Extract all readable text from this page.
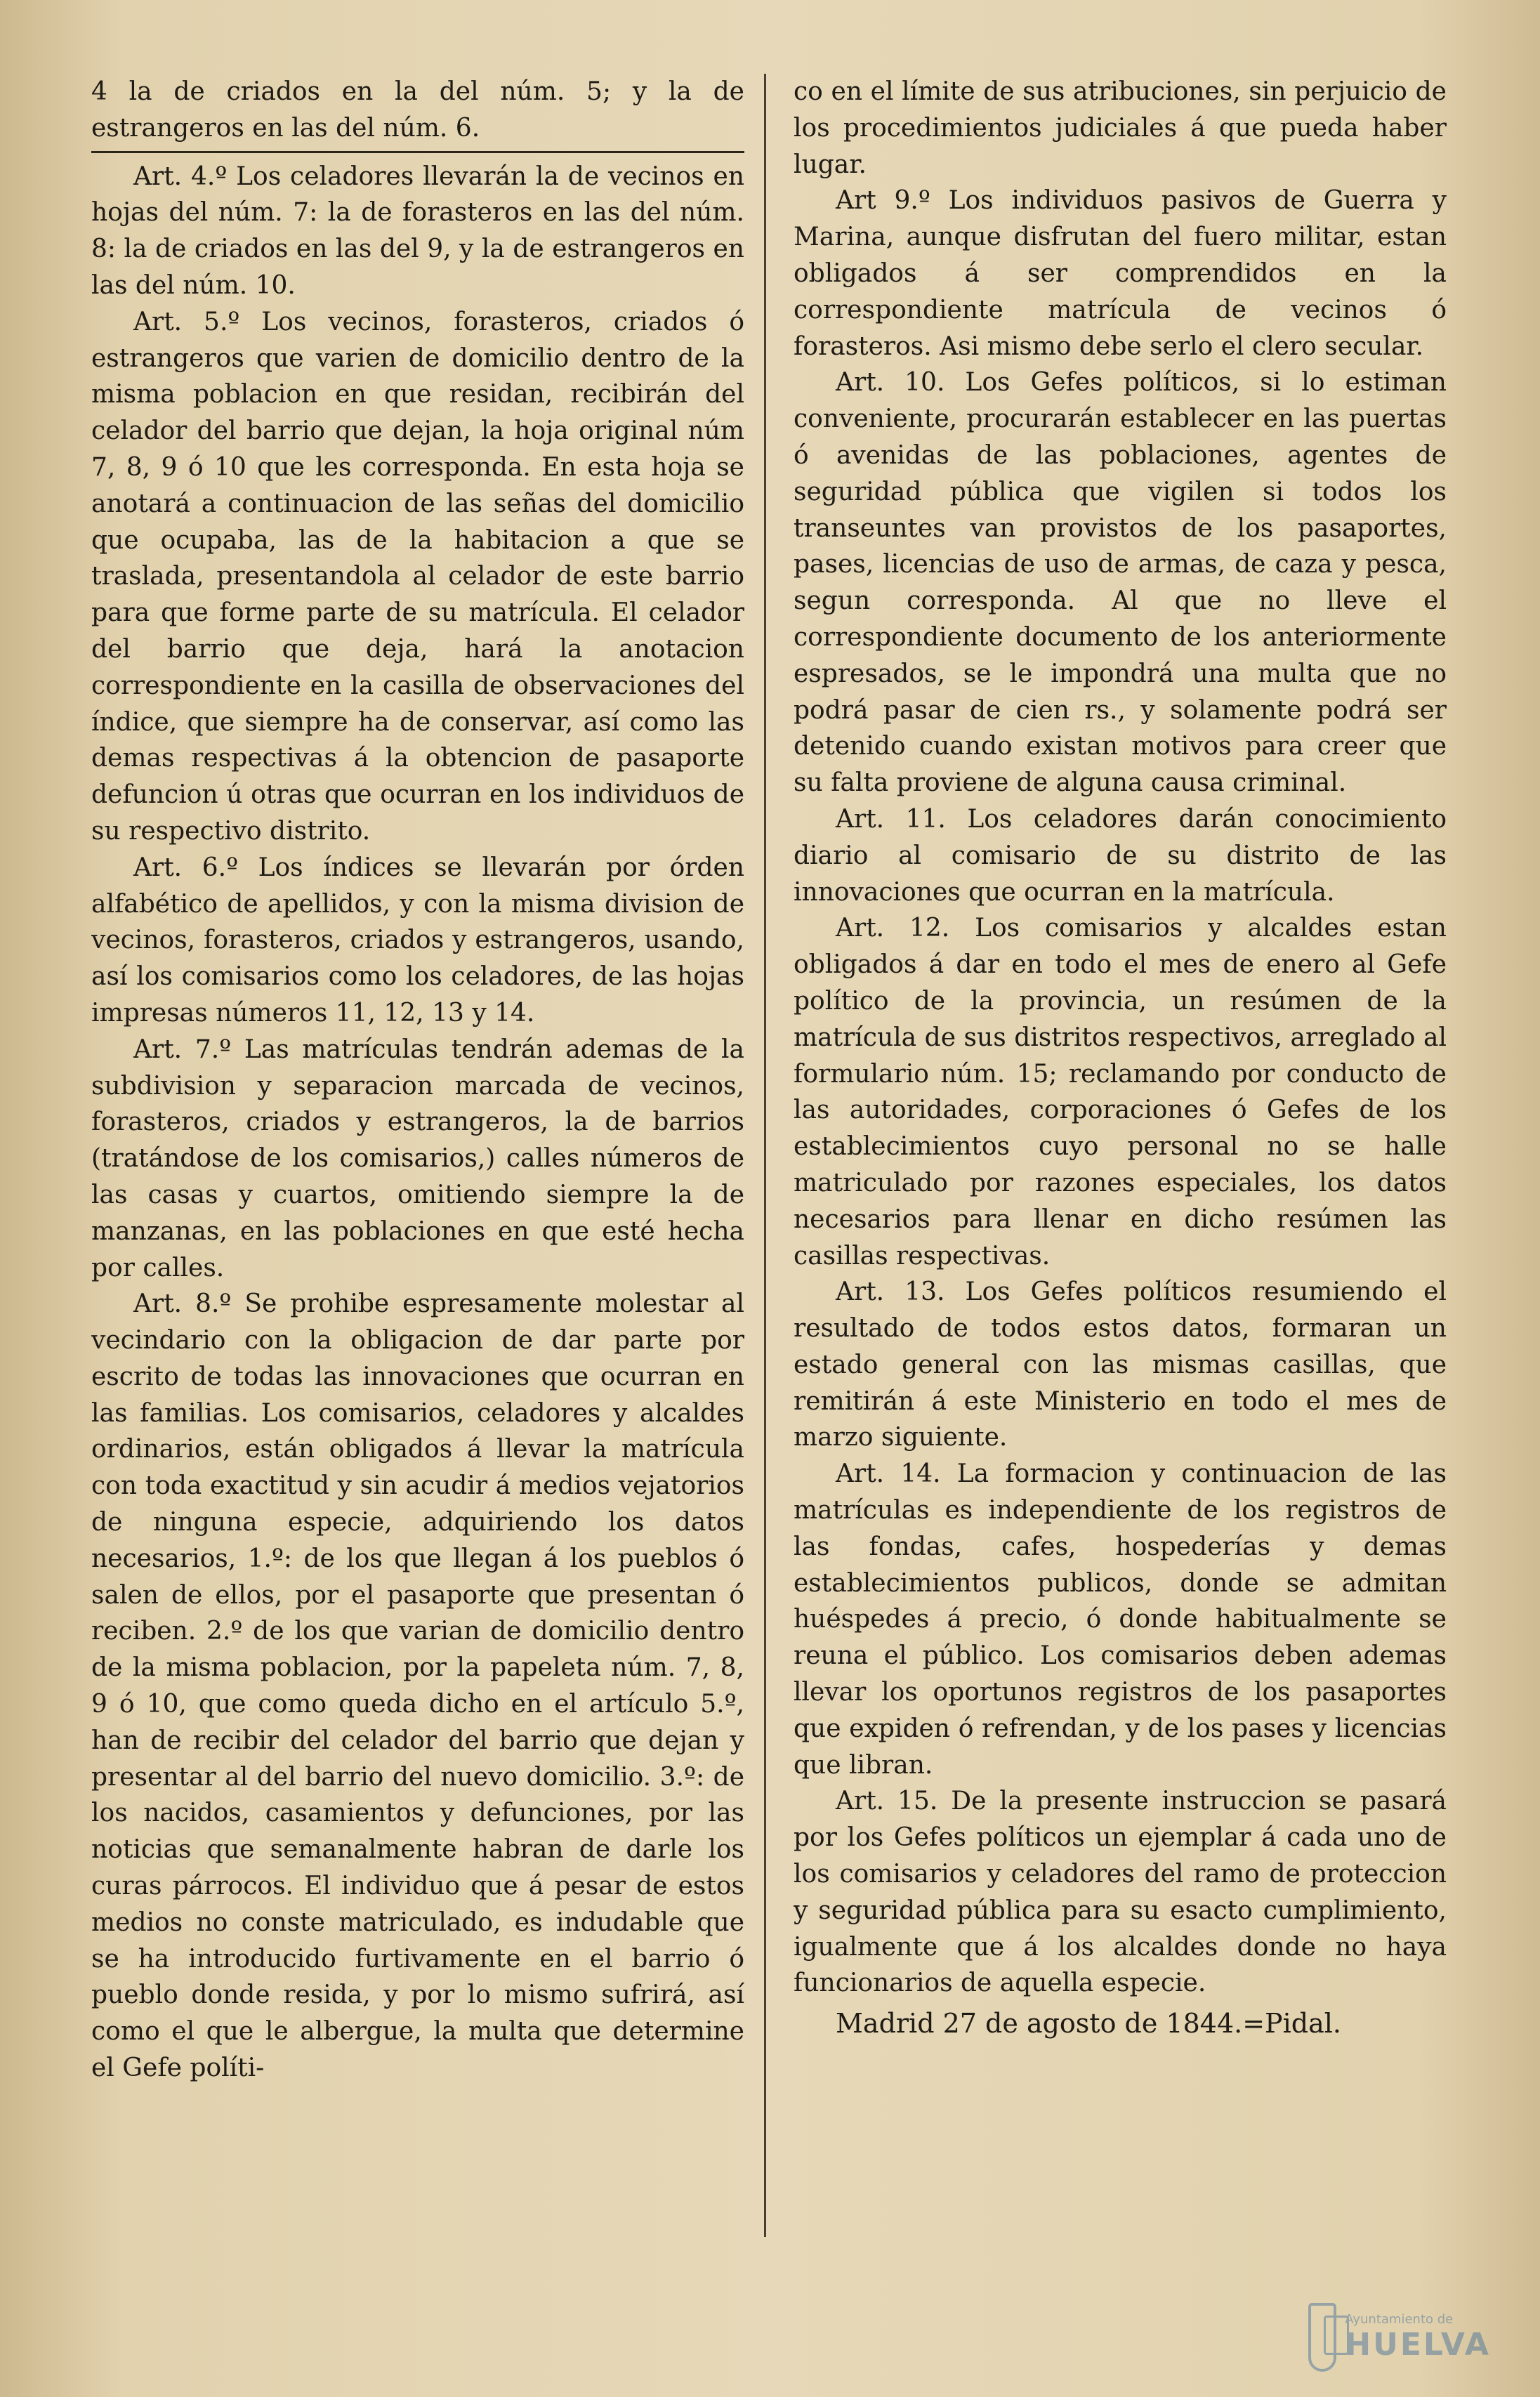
4 la de criados en la del núm. 5; y la de estrangeros en las del núm. 6.

Art. 4.º Los celadores llevarán la de vecinos en hojas del núm. 7: la de forasteros en las del núm. 8: la de criados en las del 9, y la de estrangeros en las del núm. 10.

Art. 5.º Los vecinos, forasteros, criados ó estrangeros que varien de domicilio dentro de la misma poblacion en que residan, recibirán del celador del barrio que dejan, la hoja original núm 7, 8, 9 ó 10 que les corresponda. En esta hoja se anotará a continuacion de las señas del domicilio que ocupaba, las de la habitacion a que se traslada, presentandola al celador de este barrio para que forme parte de su matrícula. El celador del barrio que deja, hará la anotacion correspondiente en la casilla de observaciones del índice, que siempre ha de conservar, así como las demas respectivas á la obtencion de pasaporte defuncion ú otras que ocurran en los individuos de su respectivo distrito.

Art. 6.º Los índices se llevarán por órden alfabético de apellidos, y con la misma division de vecinos, forasteros, criados y estrangeros, usando, así los comisarios como los celadores, de las hojas impresas números 11, 12, 13 y 14.

Art. 7.º Las matrículas tendrán ademas de la subdivision y separacion marcada de vecinos, forasteros, criados y estrangeros, la de barrios (tratándose de los comisarios,) calles números de las casas y cuartos, omitiendo siempre la de manzanas, en las poblaciones en que esté hecha por calles.

Art. 8.º Se prohibe espresamente molestar al vecindario con la obligacion de dar parte por escrito de todas las innovaciones que ocurran en las familias. Los comisarios, celadores y alcaldes ordinarios, están obligados á llevar la matrícula con toda exactitud y sin acudir á medios vejatorios de ninguna especie, adquiriendo los datos necesarios, 1.º: de los que llegan á los pueblos ó salen de ellos, por el pasaporte que presentan ó reciben. 2.º de los que varian de domicilio dentro de la misma poblacion, por la papeleta núm. 7, 8, 9 ó 10, que como queda dicho en el artículo 5.º, han de recibir del celador del barrio que dejan y presentar al del barrio del nuevo domicilio. 3.º: de los nacidos, casamientos y defunciones, por las noticias que semanalmente habran de darle los curas párrocos. El individuo que á pesar de estos medios no conste matriculado, es indudable que se ha introducido furtivamente en el barrio ó pueblo donde resida, y por lo mismo sufrirá, así como el que le albergue, la multa que determine el Gefe políti-

co en el límite de sus atribuciones, sin perjuicio de los procedimientos judiciales á que pueda haber lugar.

Art 9.º Los individuos pasivos de Guerra y Marina, aunque disfrutan del fuero militar, estan obligados á ser comprendidos en la correspondiente matrícula de vecinos ó forasteros. Asi mismo debe serlo el clero secular.

Art. 10. Los Gefes políticos, si lo estiman conveniente, procurarán establecer en las puertas ó avenidas de las poblaciones, agentes de seguridad pública que vigilen si todos los transeuntes van provistos de los pasaportes, pases, licencias de uso de armas, de caza y pesca, segun corresponda. Al que no lleve el correspondiente documento de los anteriormente espresados, se le impondrá una multa que no podrá pasar de cien rs., y solamente podrá ser detenido cuando existan motivos para creer que su falta proviene de alguna causa criminal.

Art. 11. Los celadores darán conocimiento diario al comisario de su distrito de las innovaciones que ocurran en la matrícula.

Art. 12. Los comisarios y alcaldes estan obligados á dar en todo el mes de enero al Gefe político de la provincia, un resúmen de la matrícula de sus distritos respectivos, arreglado al formulario núm. 15; reclamando por conducto de las autoridades, corporaciones ó Gefes de los establecimientos cuyo personal no se halle matriculado por razones especiales, los datos necesarios para llenar en dicho resúmen las casillas respectivas.

Art. 13. Los Gefes políticos resumiendo el resultado de todos estos datos, formaran un estado general con las mismas casillas, que remitirán á este Ministerio en todo el mes de marzo siguiente.

Art. 14. La formacion y continuacion de las matrículas es independiente de los registros de las fondas, cafes, hospederías y demas establecimientos publicos, donde se admitan huéspedes á precio, ó donde habitualmente se reuna el público. Los comisarios deben ademas llevar los oportunos registros de los pasaportes que expiden ó refrendan, y de los pases y licencias que libran.

Art. 15. De la presente instruccion se pasará por los Gefes políticos un ejemplar á cada uno de los comisarios y celadores del ramo de proteccion y seguridad pública para su esacto cumplimiento, igualmente que á los alcaldes donde no haya funcionarios de aquella especie.

Madrid 27 de agosto de 1844.=Pidal.

Ayuntamiento de
HUELVA
